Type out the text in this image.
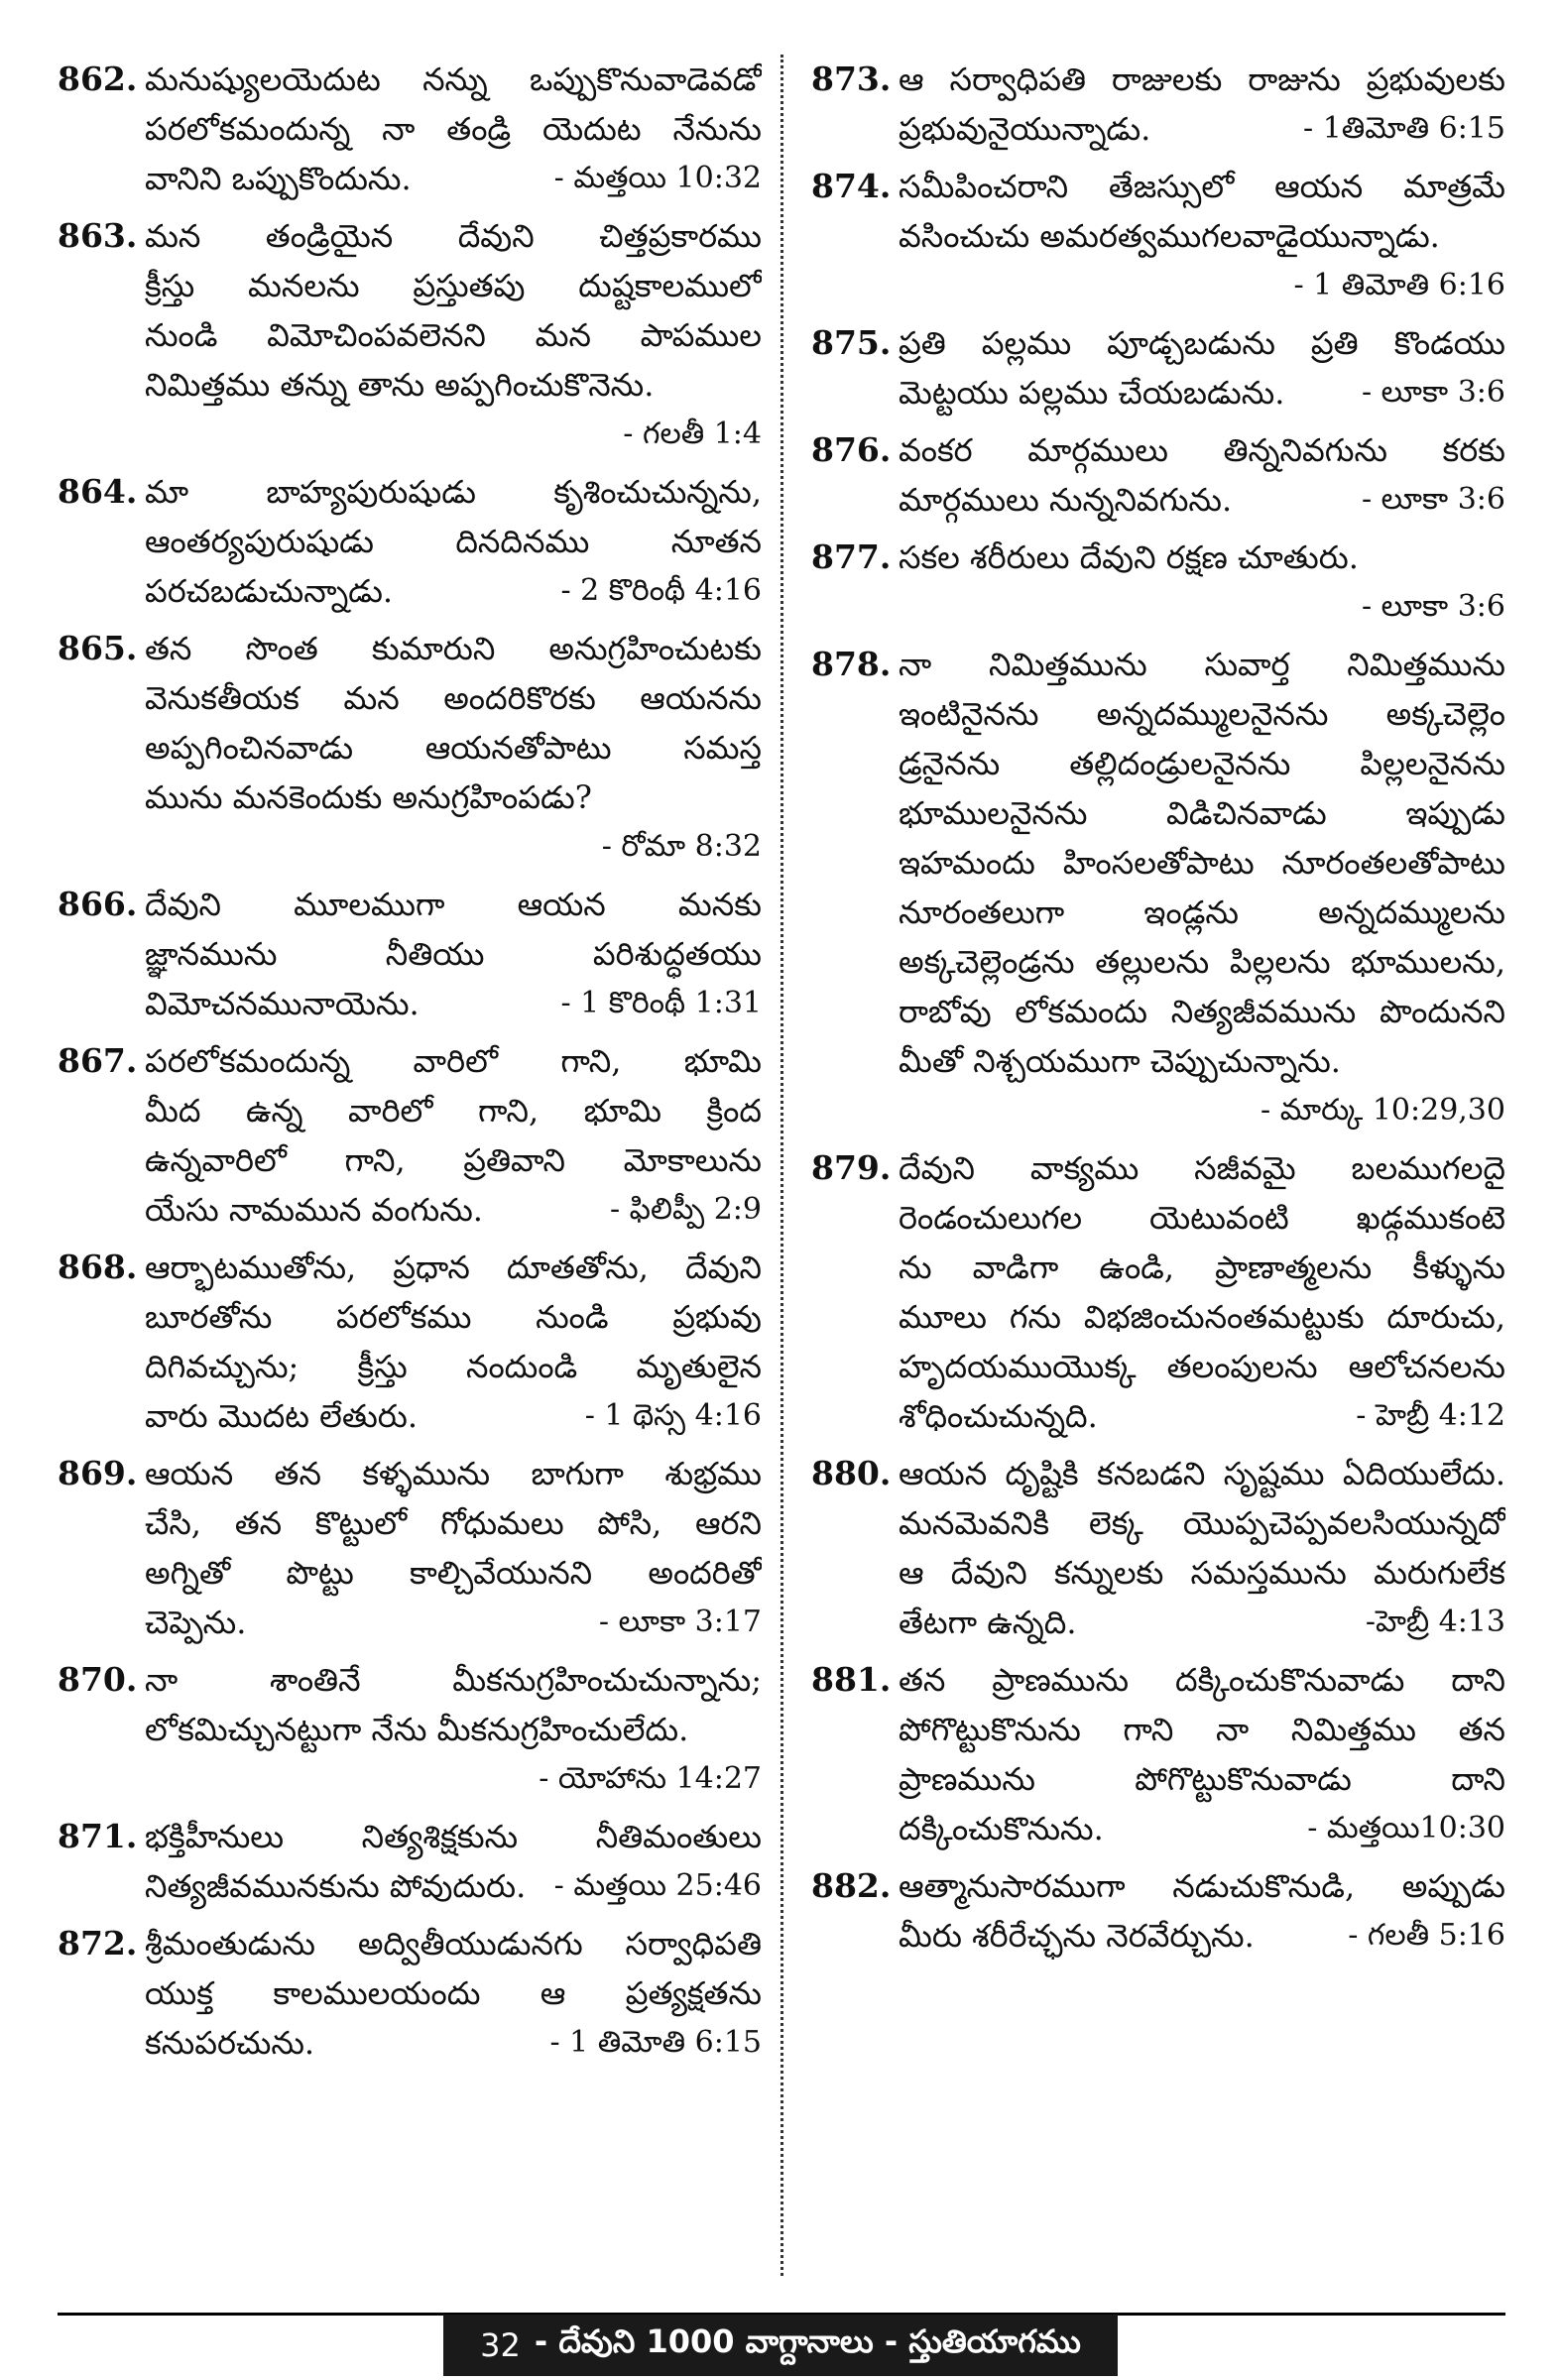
862. మనుష్యులయెదుట నన్ను ఒప్పుకొనువాడెవడో
పరలోకమందున్న నా తండ్రి యెదుట నేనును
వానిని ఒప్పుకొందును.	- మత్తయి 10:32
863. మన తండ్రియైన దేవుని చిత్తప్రకారము
క్రీస్తు మనలను ప్రస్తుతపు దుష్టకాలములో
నుండి విమోచింపవలెనని మన పాపముల
నిమిత్తము తన్ను తాను అప్పగించుకొనెను.
- గలతీ 1:4
864. మా బాహ్యపురుషుడు కృశించుచున్నను,
ఆంతర్యపురుషుడు దినదినము నూతన
పరచబడుచున్నాడు.	- 2 కొరింథీ 4:16
865. తన సొంత కుమారుని అనుగ్రహించుటకు
వెనుకతీయక మన అందరికొరకు ఆయనను
అప్పగించినవాడు ఆయనతోపాటు సమస్త
మును మనకెందుకు అనుగ్రహింపడు?
- రోమా 8:32
866. దేవుని మూలముగా ఆయన మనకు
జ్ఞానమును నీతియు పరిశుద్ధతయు
విమోచనమునాయెను.	- 1 కొరింథీ 1:31
867. పరలోకమందున్న వారిలో గాని, భూమి
మీద ఉన్న వారిలో గాని, భూమి క్రింద
ఉన్నవారిలో గాని, ప్రతివాని మోకాలును
యేసు నామమున వంగును.	- ఫిలిప్పీ 2:9
868. ఆర్భాటముతోను, ప్రధాన దూతతోను, దేవుని
బూరతోను పరలోకము నుండి ప్రభువు
దిగివచ్చును; క్రీస్తు నందుండి మృతులైన
వారు మొదట లేతురు.	- 1 థెస్స 4:16
869. ఆయన తన కళ్ళమును బాగుగా శుభ్రము
చేసి, తన కొట్టులో గోధుమలు పోసి, ఆరని
అగ్నితో పొట్టు కాల్చివేయునని అందరితో
చెప్పెను.	- లూకా 3:17
870. నా శాంతినే మీకనుగ్రహించుచున్నాను;
లోకమిచ్చునట్టుగా నేను మీకనుగ్రహించులేదు.
- యోహాను 14:27
871. భక్తిహీనులు నిత్యశిక్షకును నీతిమంతులు
నిత్యజీవమునకును పోవుదురు. - మత్తయి 25:46
872. శ్రీమంతుడును అద్వితీయుడునగు సర్వాధిపతి
యుక్త కాలములయందు ఆ ప్రత్యక్షతను
కనుపరచును.	- 1 తిమోతి 6:15
873. ఆ సర్వాధిపతి రాజులకు రాజును ప్రభువులకు
ప్రభువునైయున్నాడు.	- 1తిమోతి 6:15
874. సమీపించరాని తేజస్సులో ఆయన మాత్రమే
వసించుచు అమరత్వముగలవాడైయున్నాడు.
- 1 తిమోతి 6:16
875. ప్రతి పల్లము పూడ్చబడును ప్రతి కొండయు
మెట్టయు పల్లము చేయబడును.	- లూకా 3:6
876. వంకర మార్గములు తిన్ననివగును కరకు
మార్గములు నున్ననివగును.	- లూకా 3:6
877. సకల శరీరులు దేవుని రక్షణ చూతురు.
- లూకా 3:6
878. నా నిమిత్తమును సువార్త నిమిత్తమును
ఇంటినైనను అన్నదమ్ములనైనను అక్కచెల్లెం
డ్రనైనను తల్లిదండ్రులనైనను పిల్లలనైనను
భూములనైనను విడిచినవాడు ఇప్పుడు
ఇహమందు హింసలతోపాటు నూరంతలతోపాటు
నూరంతలుగా ఇండ్లను అన్నదమ్ములను
అక్కచెల్లెండ్రను తల్లులను పిల్లలను భూములను,
రాబోవు లోకమందు నిత్యజీవమును పొందునని
మీతో నిశ్చయముగా చెప్పుచున్నాను.
- మార్కు 10:29,30
879. దేవుని వాక్యము సజీవమై బలముగలదై
రెండంచులుగల యెటువంటి ఖడ్గముకంటె
ను వాడిగా ఉండి, ప్రాణాత్మలను కీళ్ళును
మూలు గను విభజించునంతమట్టుకు దూరుచు,
హృదయముయొక్క తలంపులను ఆలోచనలను
శోధించుచున్నది.	- హెబ్రీ 4:12
880. ఆయన దృష్టికి కనబడని సృష్టము ఏదియులేదు.
మనమెవనికి లెక్క యొప్పచెప్పవలసియున్నదో
ఆ దేవుని కన్నులకు సమస్తమును మరుగులేక
తేటగా ఉన్నది.	-హెబ్రీ 4:13
881. తన ప్రాణమును దక్కించుకొనువాడు దాని
పోగొట్టుకొనును గాని నా నిమిత్తము తన
ప్రాణమును పోగొట్టుకొనువాడు దాని
దక్కించుకొనును.	- మత్తయి10:30
882. ఆత్మానుసారముగా నడుచుకొనుడి, అప్పుడు
మీరు శరీరేచ్ఛను నెరవేర్చును.	- గలతీ 5:16
32 - దేవుని 1000 వాగ్దానాలు - స్తుతియాగము
